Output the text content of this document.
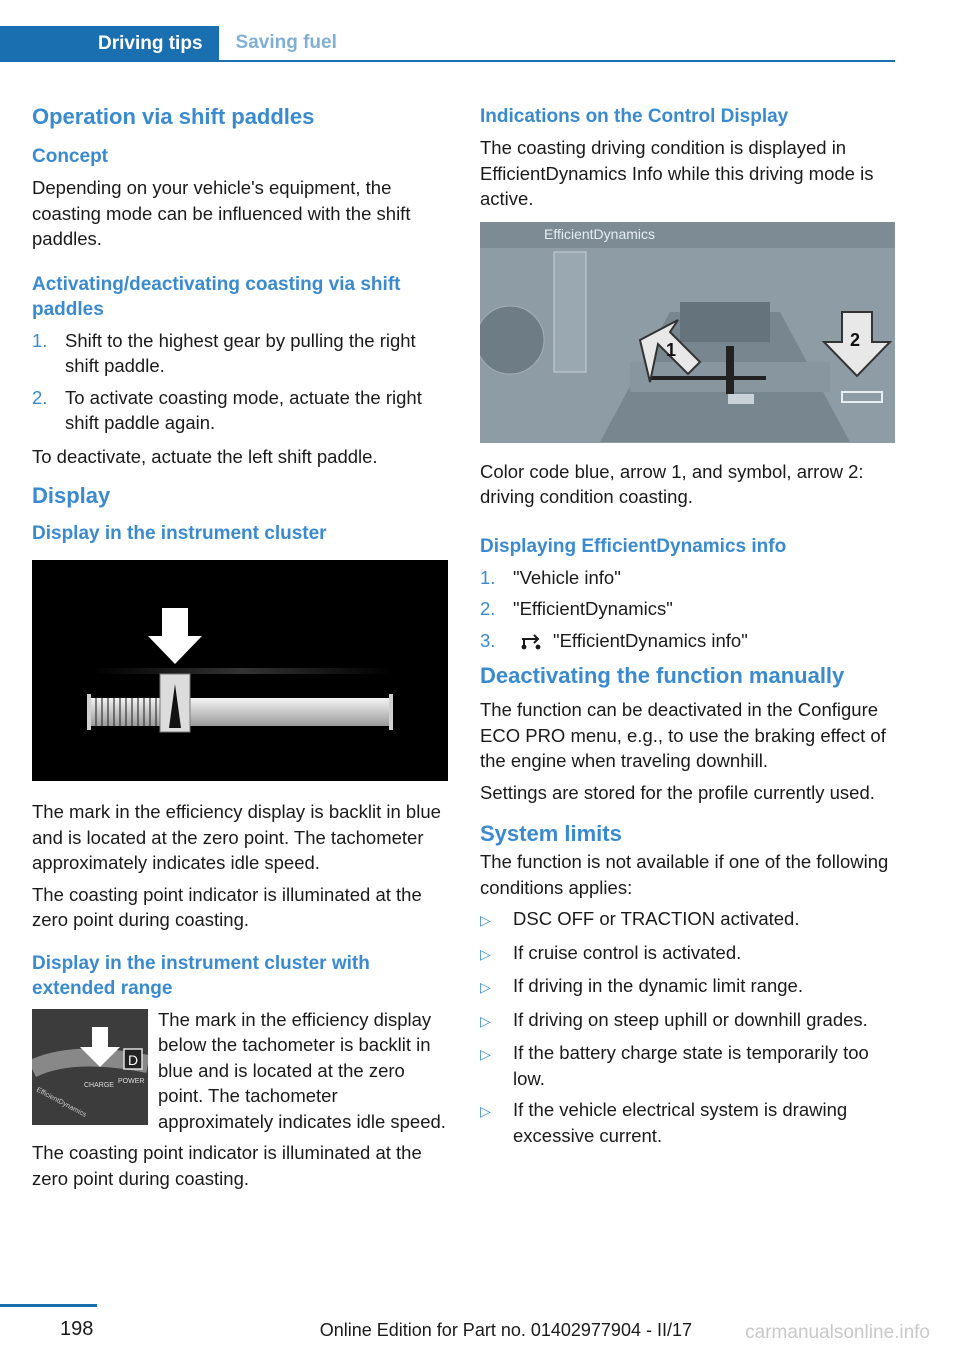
Driving tips	Saving fuel
Operation via shift paddles
Concept

Depending on your vehicle's equipment, the coasting mode can be influenced with the shift paddles.

Activating/deactivating coasting via shift paddles
1. Shift to the highest gear by pulling the right shift paddle.
2. To activate coasting mode, actuate the right shift paddle again.

To deactivate, actuate the left shift paddle.

Display
Display in the instrument cluster

The mark in the efficiency display is backlit in blue and is located at the zero point. The tachometer approximately indicates idle speed.

The coasting point indicator is illuminated at the zero point during coasting.

Display in the instrument cluster with extended range
D
CHARGE
POWER
EfficientDynamics

The mark in the efficiency display below the tachometer is backlit in blue and is located at the zero point. The tachometer approximately indicates idle speed.

The coasting point indicator is illuminated at the zero point during coasting.

Indications on the Control Display

The coasting driving condition is displayed in EfficientDynamics Info while this driving mode is active.

EfficientDynamics
1	2

Color code blue, arrow 1, and symbol, arrow 2: driving condition coasting.

Displaying EfficientDynamics info
1. "Vehicle info"
2. "EfficientDynamics"
3.	"EfficientDynamics info"
Deactivating the function manually

The function can be deactivated in the Configure ECO PRO menu, e.g., to use the braking effect of the engine when traveling downhill.

Settings are stored for the profile currently used.

System limits

The function is not available if one of the following conditions applies:

▷	DSC OFF or TRACTION activated.
▷	If cruise control is activated.
▷	If driving in the dynamic limit range.
▷	If driving on steep uphill or downhill grades.
▷	If the battery charge state is temporarily too low.
▷	If the vehicle electrical system is drawing excessive current.
198	Online Edition for Part no. 01402977904 - II/17	carmanualsonline.info
